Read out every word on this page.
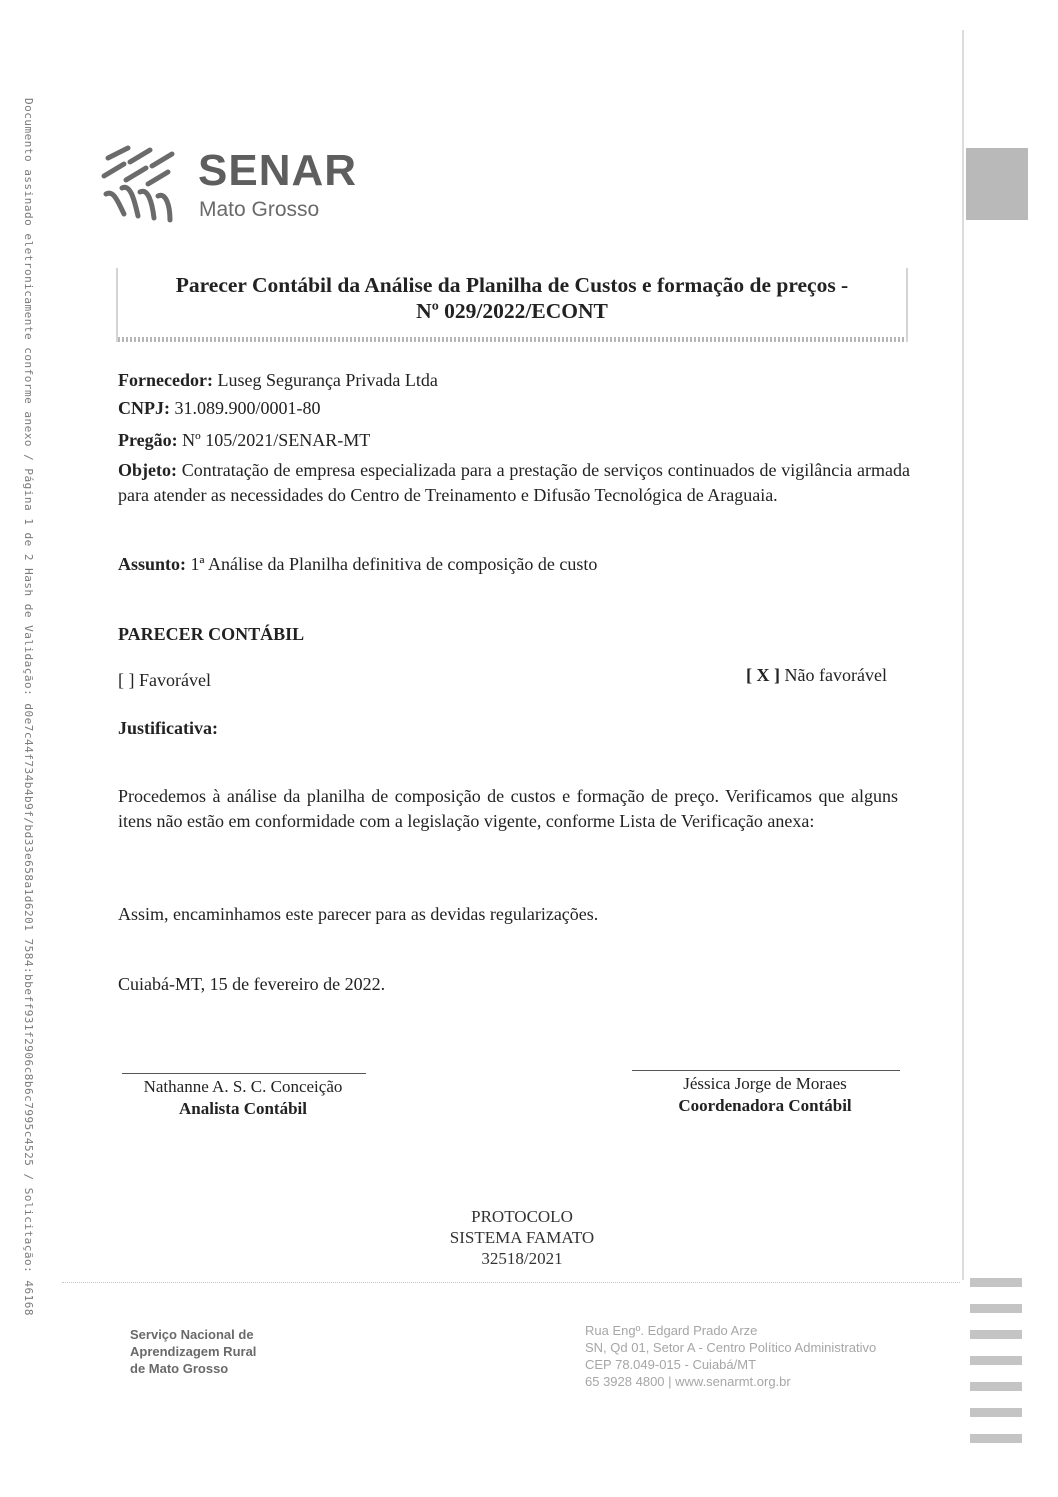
Documento assinado eletronicamente conforme anexo / Página 1 de 2 Hash de Validação: d0e7c44f734b4b9f/bd33e658a1d6201 7584:bbeff931f2906c8b6c7995c4525 / Solicitação: 46168	SENAR
Mato Grosso
Parecer Contábil da Análise da Planilha de Custos e formação de preços -
Nº 029/2022/ECONT
Fornecedor: Luseg Segurança Privada Ltda
CNPJ: 31.089.900/0001-80
Pregão: Nº 105/2021/SENAR-MT
Objeto: Contratação de empresa especializada para a prestação de serviços continuados de vigilância armada para atender as necessidades do Centro de Treinamento e Difusão Tecnológica de Araguaia.
Assunto: 1ª Análise da Planilha definitiva de composição de custo
PARECER CONTÁBIL
[ ] Favorável	[ X ] Não favorável
Justificativa:
Procedemos à análise da planilha de composição de custos e formação de preço. Verificamos que alguns itens não estão em conformidade com a legislação vigente, conforme Lista de Verificação anexa:
Assim, encaminhamos este parecer para as devidas regularizações.
Cuiabá-MT, 15 de fevereiro de 2022.
Nathanne A. S. C. Conceição
Analista Contábil
Jéssica Jorge de Moraes
Coordenadora Contábil
PROTOCOLO
SISTEMA FAMATO
32518/2021
Serviço Nacional de
Aprendizagem Rural
de Mato Grosso
Rua Engº. Edgard Prado Arze
SN, Qd 01, Setor A - Centro Político Administrativo
CEP 78.049-015 - Cuiabá/MT
65 3928 4800 | www.senarmt.org.br
